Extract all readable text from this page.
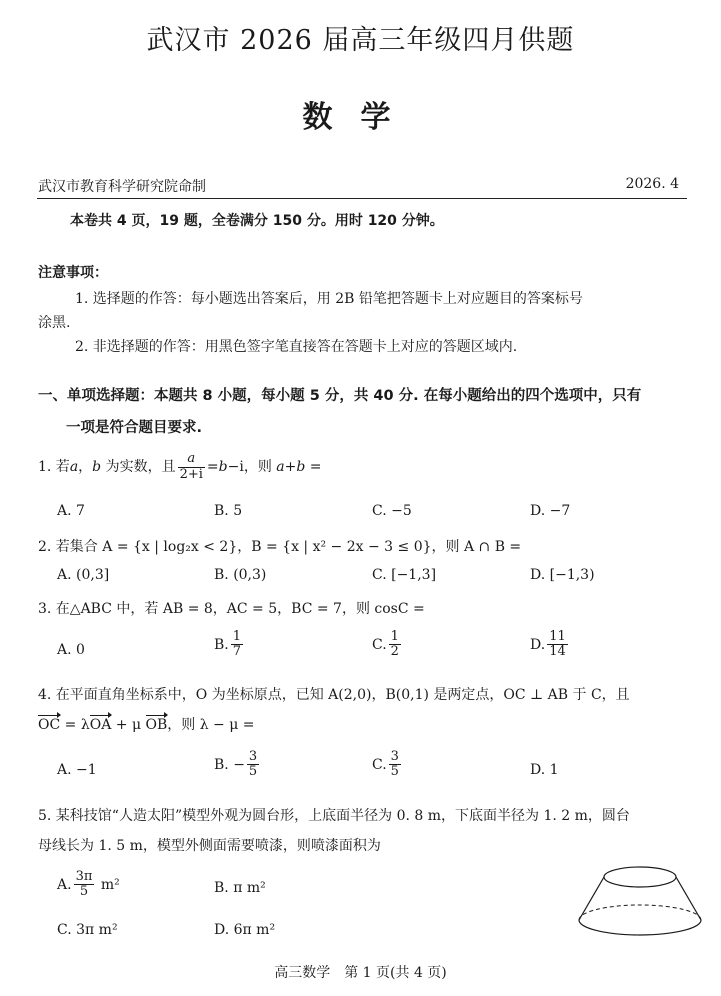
武汉市 2026 届高三年级四月供题
数学
武汉市教育科学研究院命制	2026. 4
本卷共 4 页，19 题，全卷满分 150 分。用时 120 分钟。
注意事项：
1. 选择题的作答：每小题选出答案后，用 2B 铅笔把答题卡上对应题目的答案标号
涂黑.
2. 非选择题的作答：用黑色签字笔直接答在答题卡上对应的答题区域内.
一、单项选择题：本题共 8 小题，每小题 5 分，共 40 分. 在每小题给出的四个选项中，只有
一项是符合题目要求.
1. 若a，b 为实数，且 $\frac{a}{2+i} =b-i$，则 a+b =
A. 7	B. 5	C. −5	D. −7
2. 若集合 A = {x | log₂x < 2}，B = {x | x² − 2x − 3 ≤ 0}，则 A ∩ B =
A. (0,3]	B. (0,3)	C. [−1,3]	D. [−1,3)
3. 在△ABC 中，若 AB = 8，AC = 5，BC = 7，则 cosC =
A. 0	B. $\frac{1}{7}$	C. $\frac{1}{2}$	D. $\frac{11}{14}$
4. 在平面直角坐标系中，O 为坐标原点，已知 A(2,0)，B(0,1) 是两定点，OC ⊥ AB 于 C，且
OC = λOA + μ OB，则 λ − μ =
A. −1	B. − $\frac{3}{5}$	C. $\frac{3}{5}$	D. 1
5. 某科技馆“人造太阳”模型外观为圆台形，上底面半径为 0. 8 m，下底面半径为 1. 2 m，圆台
母线长为 1. 5 m，模型外侧面需要喷漆，则喷漆面积为
A. $\frac{3\pi}{5} m^2$	B. π m²
C. 3π m²	D. 6π m²
高三数学　第 1 页(共 4 页)
